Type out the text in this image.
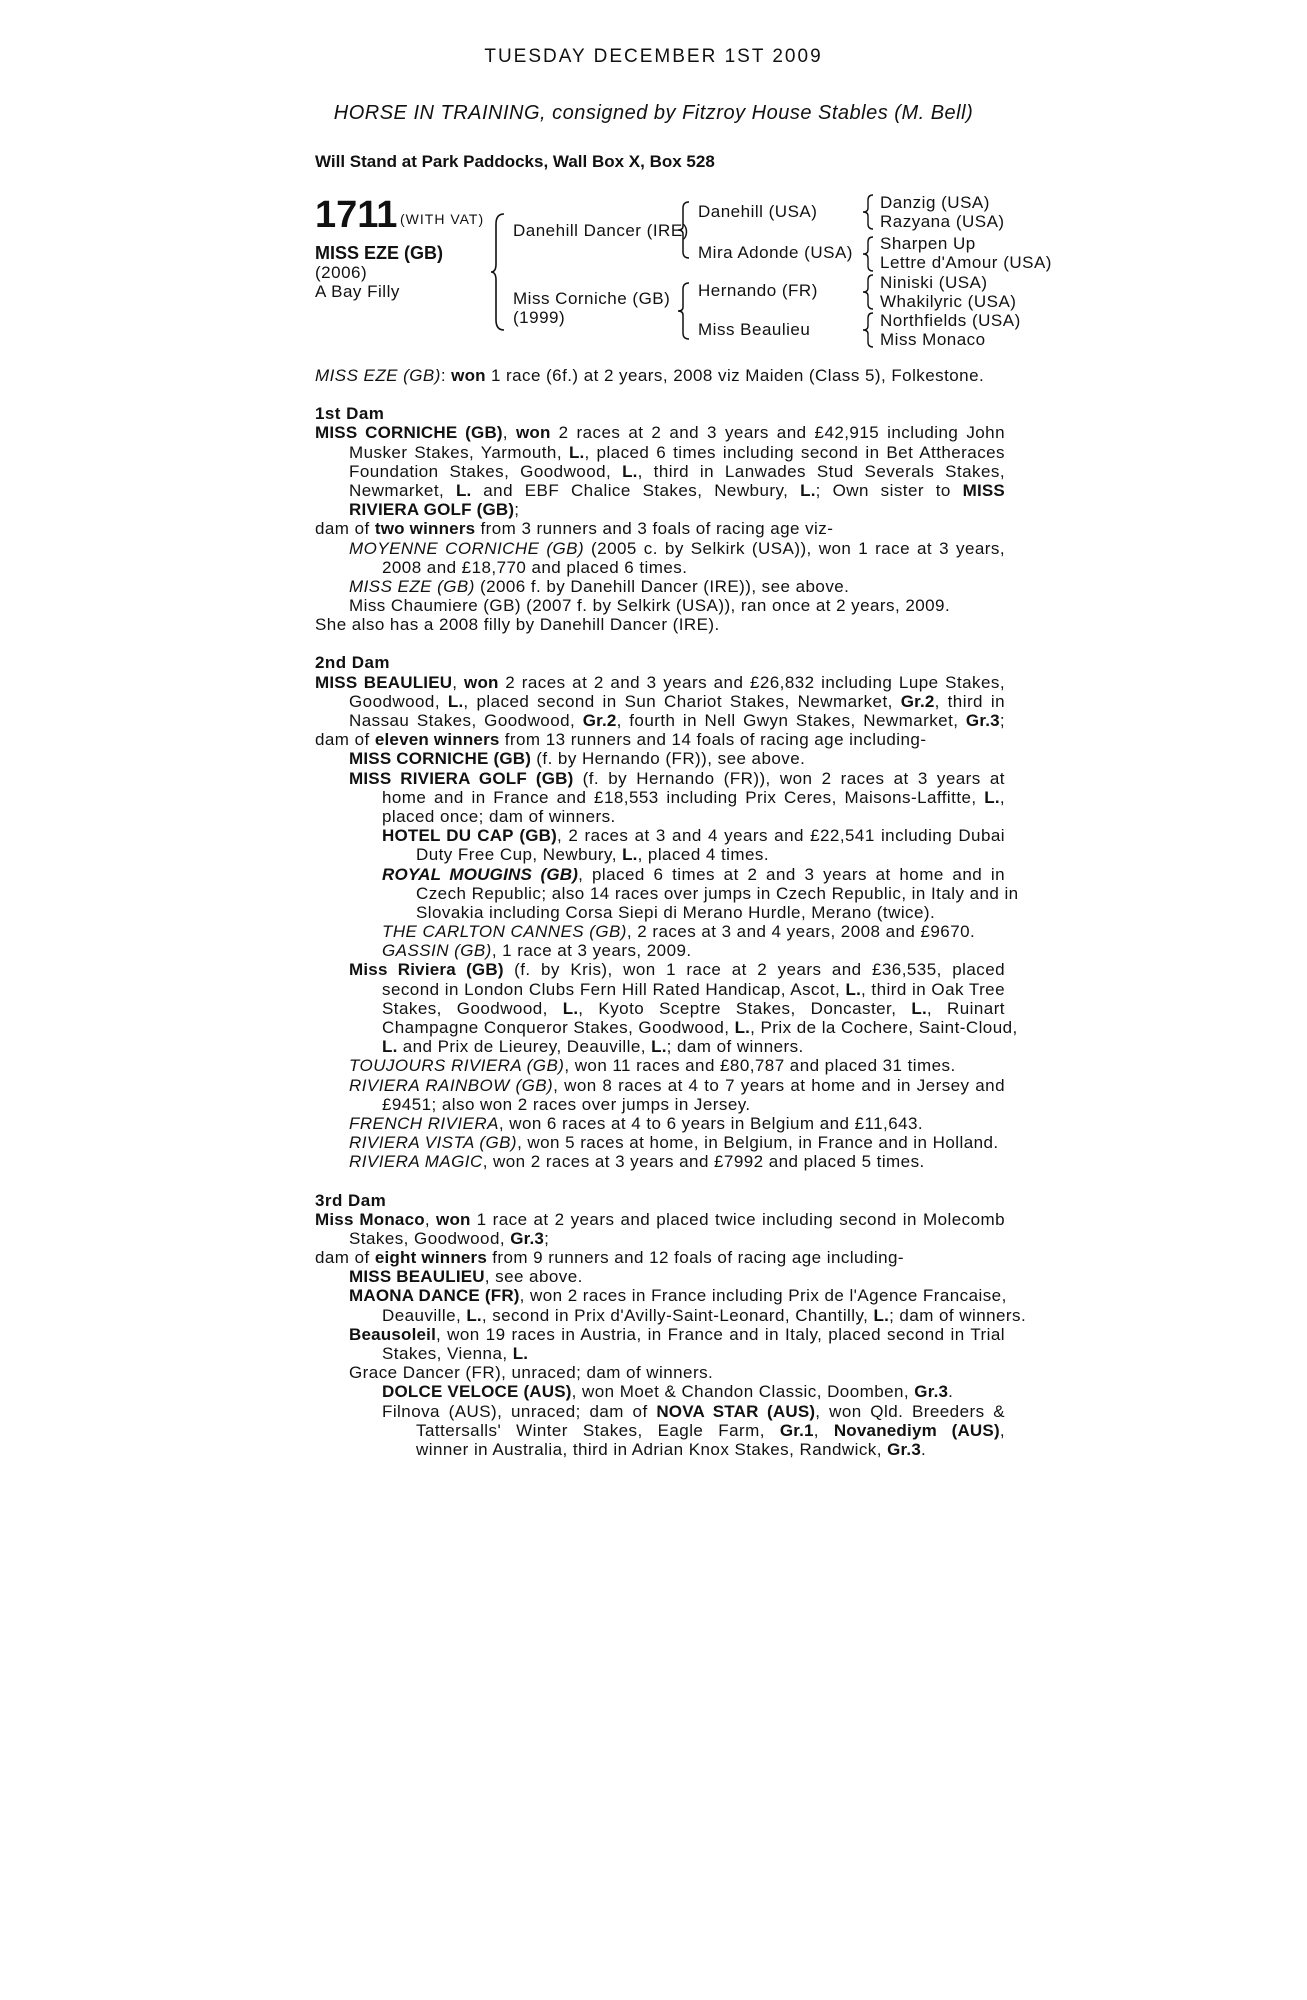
TUESDAY DECEMBER 1ST 2009
HORSE IN TRAINING, consigned by Fitzroy House Stables (M. Bell)
Will Stand at Park Paddocks, Wall Box X, Box 528
1711 (WITH VAT)
MISS EZE (GB)
(2006)
A Bay Filly
Danehill Dancer (IRE)
Miss Corniche (GB)
(1999)
Danehill (USA)
Mira Adonde (USA)
Hernando (FR)
Miss Beaulieu
Danzig (USA)
Razyana (USA)
Sharpen Up
Lettre d'Amour (USA)
Niniski (USA)
Whakilyric (USA)
Northfields (USA)
Miss Monaco
MISS EZE (GB): won 1 race (6f.) at 2 years, 2008 viz Maiden (Class 5), Folkestone.
1st Dam
MISS CORNICHE (GB), won 2 races at 2 and 3 years and £42,915 including John
Musker Stakes, Yarmouth, L., placed 6 times including second in Bet Attheraces
Foundation Stakes, Goodwood, L., third in Lanwades Stud Severals Stakes,
Newmarket, L. and EBF Chalice Stakes, Newbury, L.; Own sister to MISS
RIVIERA GOLF (GB);
dam of two winners from 3 runners and 3 foals of racing age viz-
MOYENNE CORNICHE (GB) (2005 c. by Selkirk (USA)), won 1 race at 3 years,
2008 and £18,770 and placed 6 times.
MISS EZE (GB) (2006 f. by Danehill Dancer (IRE)), see above.
Miss Chaumiere (GB) (2007 f. by Selkirk (USA)), ran once at 2 years, 2009.
She also has a 2008 filly by Danehill Dancer (IRE).
2nd Dam
MISS BEAULIEU, won 2 races at 2 and 3 years and £26,832 including Lupe Stakes,
Goodwood, L., placed second in Sun Chariot Stakes, Newmarket, Gr.2, third in
Nassau Stakes, Goodwood, Gr.2, fourth in Nell Gwyn Stakes, Newmarket, Gr.3;
dam of eleven winners from 13 runners and 14 foals of racing age including-
MISS CORNICHE (GB) (f. by Hernando (FR)), see above.
MISS RIVIERA GOLF (GB) (f. by Hernando (FR)), won 2 races at 3 years at
home and in France and £18,553 including Prix Ceres, Maisons-Laffitte, L.,
placed once; dam of winners.
HOTEL DU CAP (GB), 2 races at 3 and 4 years and £22,541 including Dubai
Duty Free Cup, Newbury, L., placed 4 times.
ROYAL MOUGINS (GB), placed 6 times at 2 and 3 years at home and in
Czech Republic; also 14 races over jumps in Czech Republic, in Italy and in
Slovakia including Corsa Siepi di Merano Hurdle, Merano (twice).
THE CARLTON CANNES (GB), 2 races at 3 and 4 years, 2008 and £9670.
GASSIN (GB), 1 race at 3 years, 2009.
Miss Riviera (GB) (f. by Kris), won 1 race at 2 years and £36,535, placed
second in London Clubs Fern Hill Rated Handicap, Ascot, L., third in Oak Tree
Stakes, Goodwood, L., Kyoto Sceptre Stakes, Doncaster, L., Ruinart
Champagne Conqueror Stakes, Goodwood, L., Prix de la Cochere, Saint-Cloud,
L. and Prix de Lieurey, Deauville, L.; dam of winners.
TOUJOURS RIVIERA (GB), won 11 races and £80,787 and placed 31 times.
RIVIERA RAINBOW (GB), won 8 races at 4 to 7 years at home and in Jersey and
£9451; also won 2 races over jumps in Jersey.
FRENCH RIVIERA, won 6 races at 4 to 6 years in Belgium and £11,643.
RIVIERA VISTA (GB), won 5 races at home, in Belgium, in France and in Holland.
RIVIERA MAGIC, won 2 races at 3 years and £7992 and placed 5 times.
3rd Dam
Miss Monaco, won 1 race at 2 years and placed twice including second in Molecomb
Stakes, Goodwood, Gr.3;
dam of eight winners from 9 runners and 12 foals of racing age including-
MISS BEAULIEU, see above.
MAONA DANCE (FR), won 2 races in France including Prix de l'Agence Francaise,
Deauville, L., second in Prix d'Avilly-Saint-Leonard, Chantilly, L.; dam of winners.
Beausoleil, won 19 races in Austria, in France and in Italy, placed second in Trial
Stakes, Vienna, L.
Grace Dancer (FR), unraced; dam of winners.
DOLCE VELOCE (AUS), won Moet & Chandon Classic, Doomben, Gr.3.
Filnova (AUS), unraced; dam of NOVA STAR (AUS), won Qld. Breeders &
Tattersalls' Winter Stakes, Eagle Farm, Gr.1, Novanediym (AUS),
winner in Australia, third in Adrian Knox Stakes, Randwick, Gr.3.
